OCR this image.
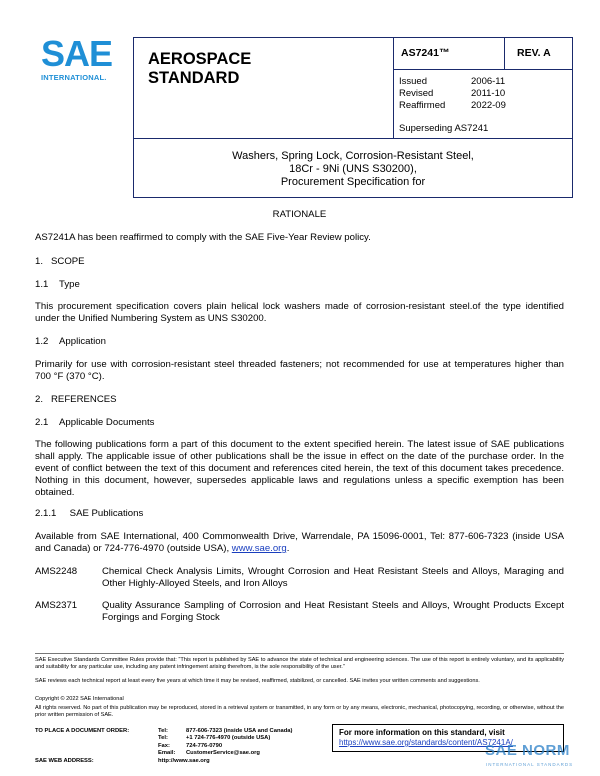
SAE
INTERNATIONAL.
AEROSPACE
STANDARD
AS7241™	REV. A
Issued	2006-11
Revised	2011-10
Reaffirmed	2022-09
Superseding AS7241
Washers, Spring Lock, Corrosion-Resistant Steel,
18Cr - 9Ni (UNS S30200),
Procurement Specification for
RATIONALE
AS7241A has been reaffirmed to comply with the SAE Five-Year Review policy.
1.   SCOPE
1.1    Type
This procurement specification covers plain helical lock washers made of corrosion-resistant steel.of the type identified under the Unified Numbering System as UNS S30200.
1.2    Application
Primarily for use with corrosion-resistant steel threaded fasteners; not recommended for use at temperatures higher than 700 °F (370 °C).
2.   REFERENCES
2.1    Applicable Documents
The following publications form a part of this document to the extent specified herein. The latest issue of SAE publications shall apply. The applicable issue of other publications shall be the issue in effect on the date of the purchase order. In the event of conflict between the text of this document and references cited herein, the text of this document takes precedence. Nothing in this document, however, supersedes applicable laws and regulations unless a specific exemption has been obtained.
2.1.1     SAE Publications
Available from SAE International, 400 Commonwealth Drive, Warrendale, PA 15096-0001, Tel: 877-606-7323 (inside USA and Canada) or 724-776-4970 (outside USA), www.sae.org.
AMS2248	Chemical Check Analysis Limits, Wrought Corrosion and Heat Resistant Steels and Alloys, Maraging and Other Highly-Alloyed Steels, and Iron Alloys
AMS2371	Quality Assurance Sampling of Corrosion and Heat Resistant Steels and Alloys, Wrought Products Except Forgings and Forging Stock
SAE Executive Standards Committee Rules provide that: “This report is published by SAE to advance the state of technical and engineering sciences. The use of this report is entirely voluntary, and its applicability and suitability for any particular use, including any patent infringement arising therefrom, is the sole responsibility of the user.”
SAE reviews each technical report at least every five years at which time it may be revised, reaffirmed, stabilized, or cancelled. SAE invites your written comments and suggestions.
Copyright © 2022 SAE International
All rights reserved. No part of this publication may be reproduced, stored in a retrieval system or transmitted, in any form or by any means, electronic, mechanical, photocopying, recording, or otherwise, without the prior written permission of SAE.
TO PLACE A DOCUMENT ORDER:	Tel:	877-606-7323 (inside USA and Canada)
Tel:	+1 724-776-4970 (outside USA)
Fax:	724-776-0790
Email:	CustomerService@sae.org
SAE WEB ADDRESS:	http://www.sae.org
For more information on this standard, visit
https://www.sae.org/standards/content/AS7241A/
SAE NORM
INTERNATIONAL STANDARDS
